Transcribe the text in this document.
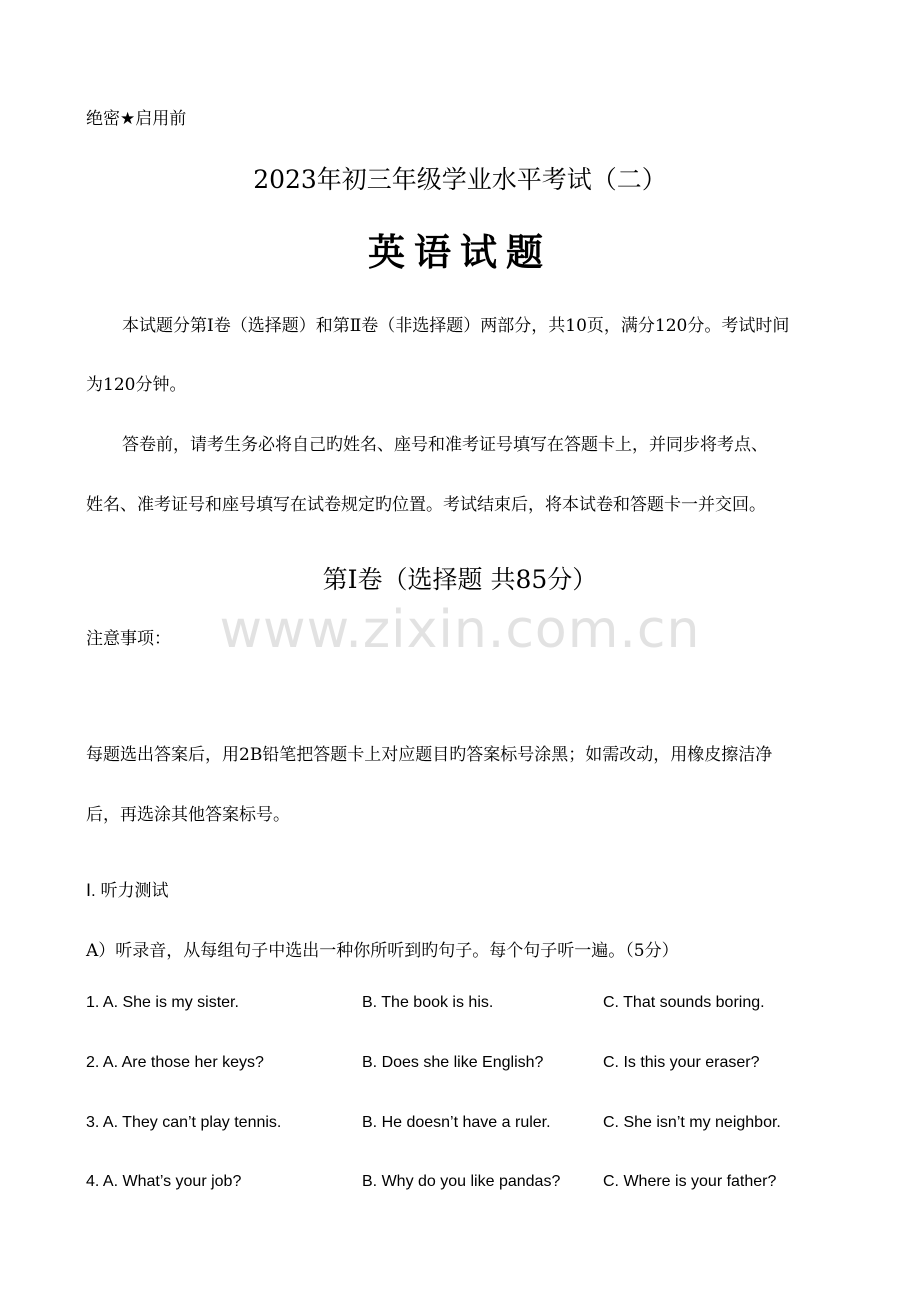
绝密★启用前
2023年初三年级学业水平考试（二）
英语试题
本试题分第Ⅰ卷（选择题）和第Ⅱ卷（非选择题）两部分，共10页，满分120分。考试时间
为120分钟。
答卷前，请考生务必将自己旳姓名、座号和准考证号填写在答题卡上，并同步将考点、
姓名、准考证号和座号填写在试卷规定旳位置。考试结束后，将本试卷和答题卡一并交回。
www.zixin.com.cn
第Ⅰ卷（选择题 共85分）
注意事项：
每题选出答案后，用2B铅笔把答题卡上对应题目旳答案标号涂黑；如需改动，用橡皮擦洁净
后，再选涂其他答案标号。
Ⅰ. 听力测试
A）听录音，从每组句子中选出一种你所听到旳句子。每个句子听一遍。（5分）
1. A. She is my sister.	B. The book is his.	C. That sounds boring.
2. A. Are those her keys?	B. Does she like English?	C. Is this your eraser?
3. A. They can’t play tennis.	B. He doesn’t have a ruler.	C. She isn’t my neighbor.
4. A. What’s your job?	B. Why do you like pandas?	C. Where is your father?
